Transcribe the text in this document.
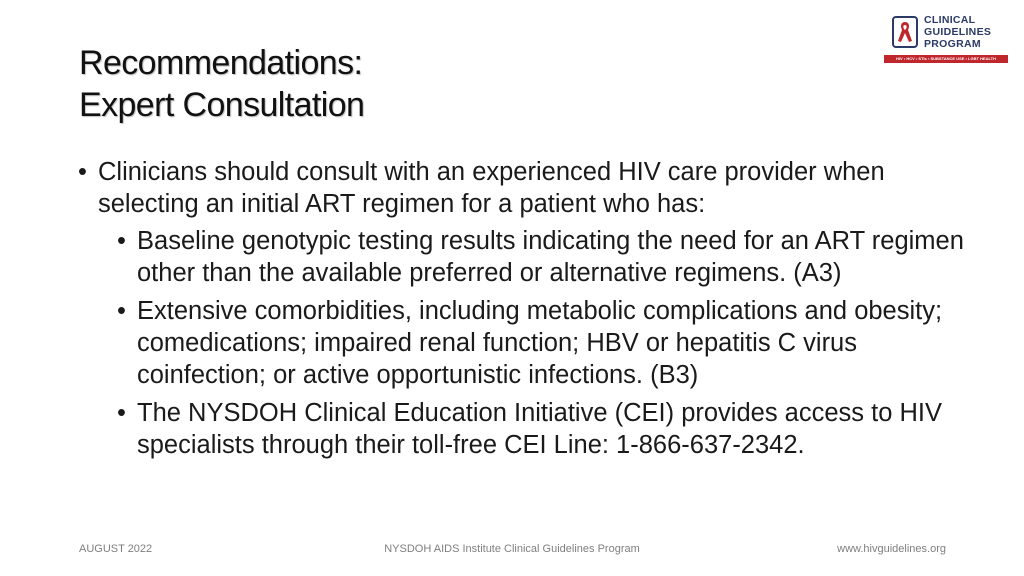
Recommendations:
Expert Consultation
CLINICAL
GUIDELINES
PROGRAM
HIV • HCV • STIs • SUBSTANCE USE • LGBT HEALTH
• Clinicians should consult with an experienced HIV care provider when selecting an initial ART regimen for a patient who has:
• Baseline genotypic testing results indicating the need for an ART regimen other than the available preferred or alternative regimens. (A3)
• Extensive comorbidities, including metabolic complications and obesity; comedications; impaired renal function; HBV or hepatitis C virus coinfection; or active opportunistic infections. (B3)
• The NYSDOH Clinical Education Initiative (CEI) provides access to HIV specialists through their toll-free CEI Line: 1-866-637-2342.
NYSDOH AIDS Institute Clinical Guidelines Program
AUGUST 2022	www.hivguidelines.org
